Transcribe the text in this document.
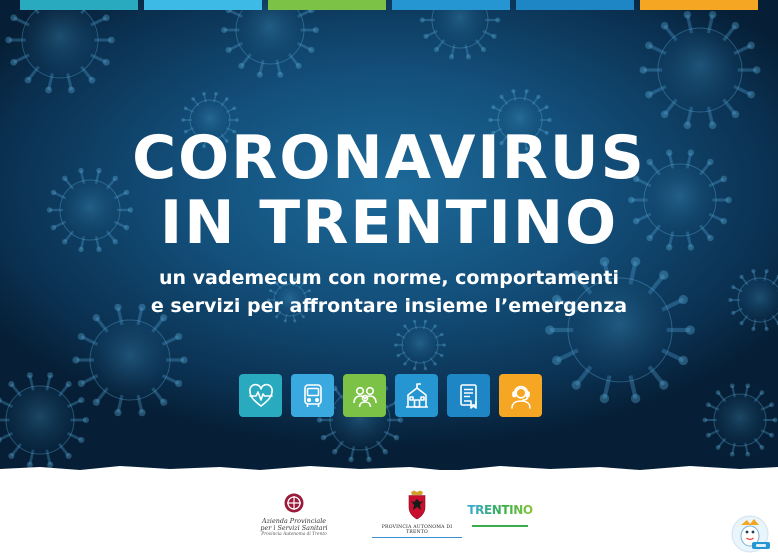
CORONAVIRUS
IN TRENTINO
un vademecum con norme, comportamenti
e servizi per affrontare insieme l’emergenza
Azienda Provinciale
per i Servizi Sanitari
Provincia Autonoma di Trento
PROVINCIA AUTONOMA DI TRENTO
TRENTINO
